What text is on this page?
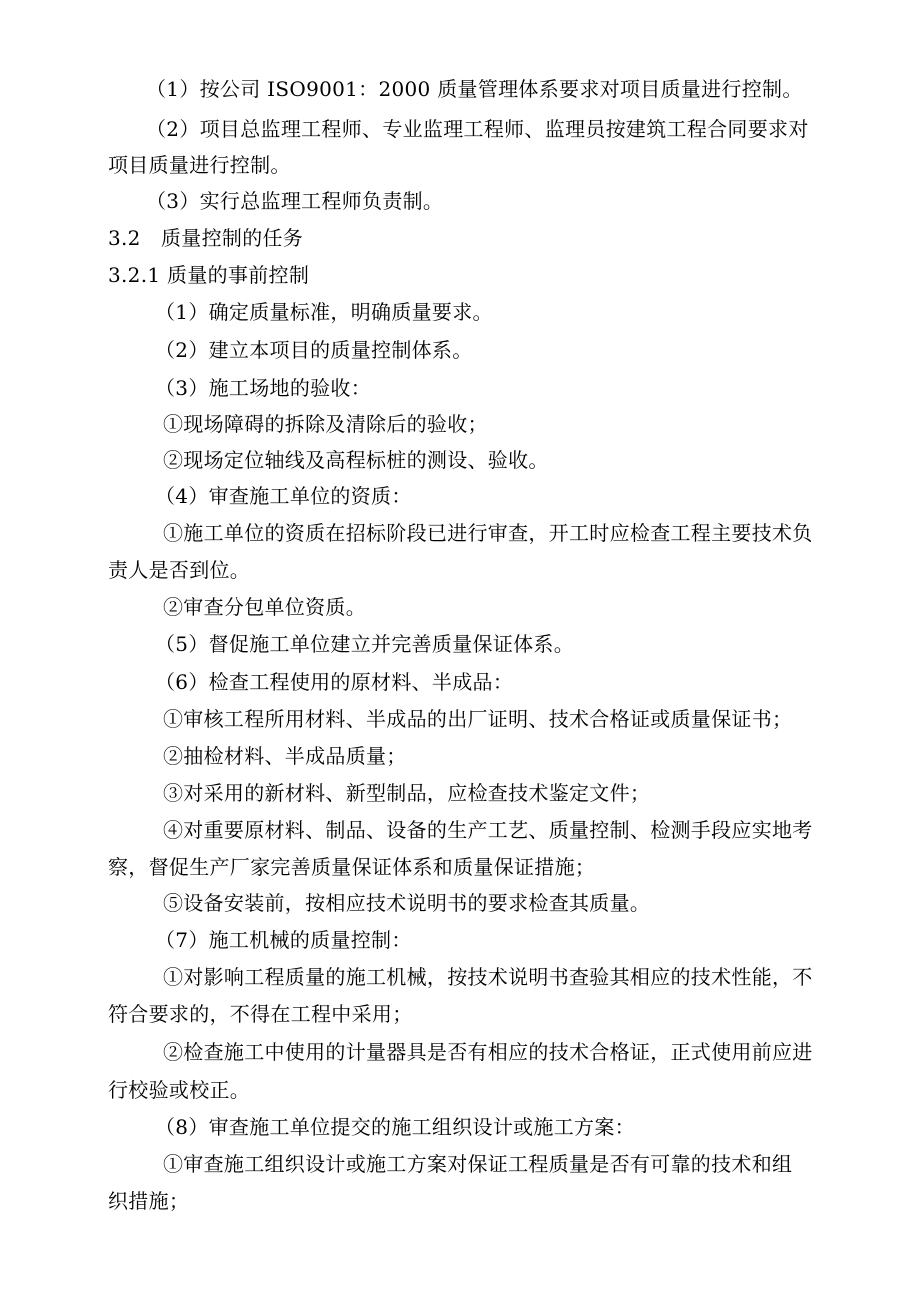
（1）按公司 ISO9001：2000 质量管理体系要求对项目质量进行控制。
（2）项目总监理工程师、专业监理工程师、监理员按建筑工程合同要求对
项目质量进行控制。
（3）实行总监理工程师负责制。
3.2　质量控制的任务
3.2.1 质量的事前控制
（1）确定质量标准，明确质量要求。
（2）建立本项目的质量控制体系。
（3）施工场地的验收：
①现场障碍的拆除及清除后的验收；
②现场定位轴线及高程标桩的测设、验收。
（4）审查施工单位的资质：
①施工单位的资质在招标阶段已进行审查，开工时应检查工程主要技术负
责人是否到位。
②审查分包单位资质。
（5）督促施工单位建立并完善质量保证体系。
（6）检查工程使用的原材料、半成品：
①审核工程所用材料、半成品的出厂证明、技术合格证或质量保证书；
②抽检材料、半成品质量；
③对采用的新材料、新型制品，应检查技术鉴定文件；
④对重要原材料、制品、设备的生产工艺、质量控制、检测手段应实地考
察，督促生产厂家完善质量保证体系和质量保证措施；
⑤设备安装前，按相应技术说明书的要求检查其质量。
（7）施工机械的质量控制：
①对影响工程质量的施工机械，按技术说明书查验其相应的技术性能，不
符合要求的，不得在工程中采用；
②检查施工中使用的计量器具是否有相应的技术合格证，正式使用前应进
行校验或校正。
（8）审查施工单位提交的施工组织设计或施工方案：
①审查施工组织设计或施工方案对保证工程质量是否有可靠的技术和组
织措施；
